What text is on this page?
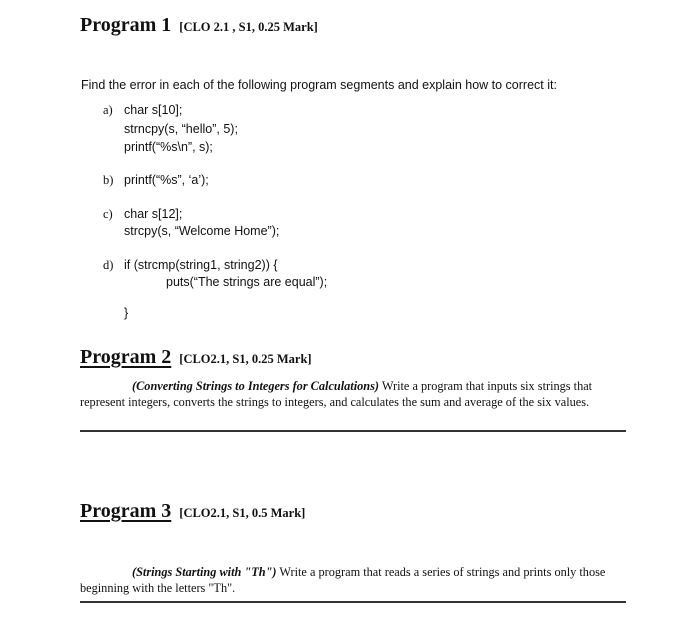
Program 1 [CLO 2.1 , S1, 0.25 Mark]
Find the error in each of the following program segments and explain how to correct it:
a) char s[10];
strncpy(s, “hello”, 5);
printf(“%s\n”, s);
b) printf(“%s”, ‘a’);
c) char s[12];
strcpy(s, “Welcome Home”);
d) if (strcmp(string1, string2)) {
puts(“The strings are equal”);
}
Program 2 [CLO2.1, S1, 0.25 Mark]
(Converting Strings to Integers for Calculations) Write a program that inputs six strings that represent integers, converts the strings to integers, and calculates the sum and average of the six values.
Program 3 [CLO2.1, S1, 0.5 Mark]
(Strings Starting with "Th") Write a program that reads a series of strings and prints only those beginning with the letters "Th".
